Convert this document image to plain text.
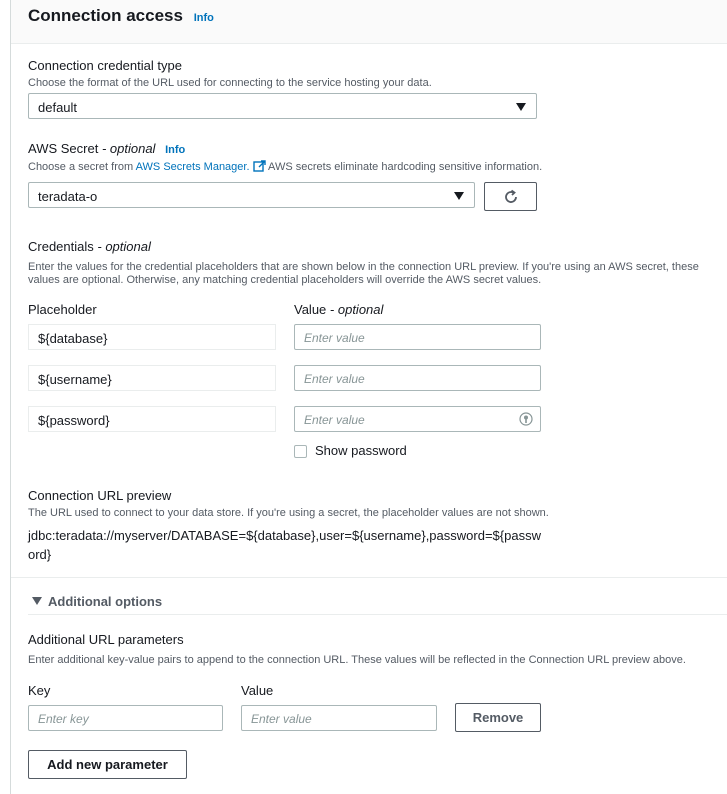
Connection access Info
Connection credential type
Choose the format of the URL used for connecting to the service hosting your data.
default
AWS Secret - optional Info
Choose a secret from AWS Secrets Manager. AWS secrets eliminate hardcoding sensitive information.
teradata-o
Credentials - optional
Enter the values for the credential placeholders that are shown below in the connection URL preview. If you're using an AWS secret, these
values are optional. Otherwise, any matching credential placeholders will override the AWS secret values.
Placeholder	Value - optional
${database}	Enter value
${username}	Enter value
${password}	Enter value
Show password
Connection URL preview
The URL used to connect to your data store. If you're using a secret, the placeholder values are not shown.
jdbc:teradata://myserver/DATABASE=${database},user=${username},password=${passw
ord}
Additional options
Additional URL parameters
Enter additional key-value pairs to append to the connection URL. These values will be reflected in the Connection URL preview above.
Key	Value
Enter key	Enter value	Remove
Add new parameter
